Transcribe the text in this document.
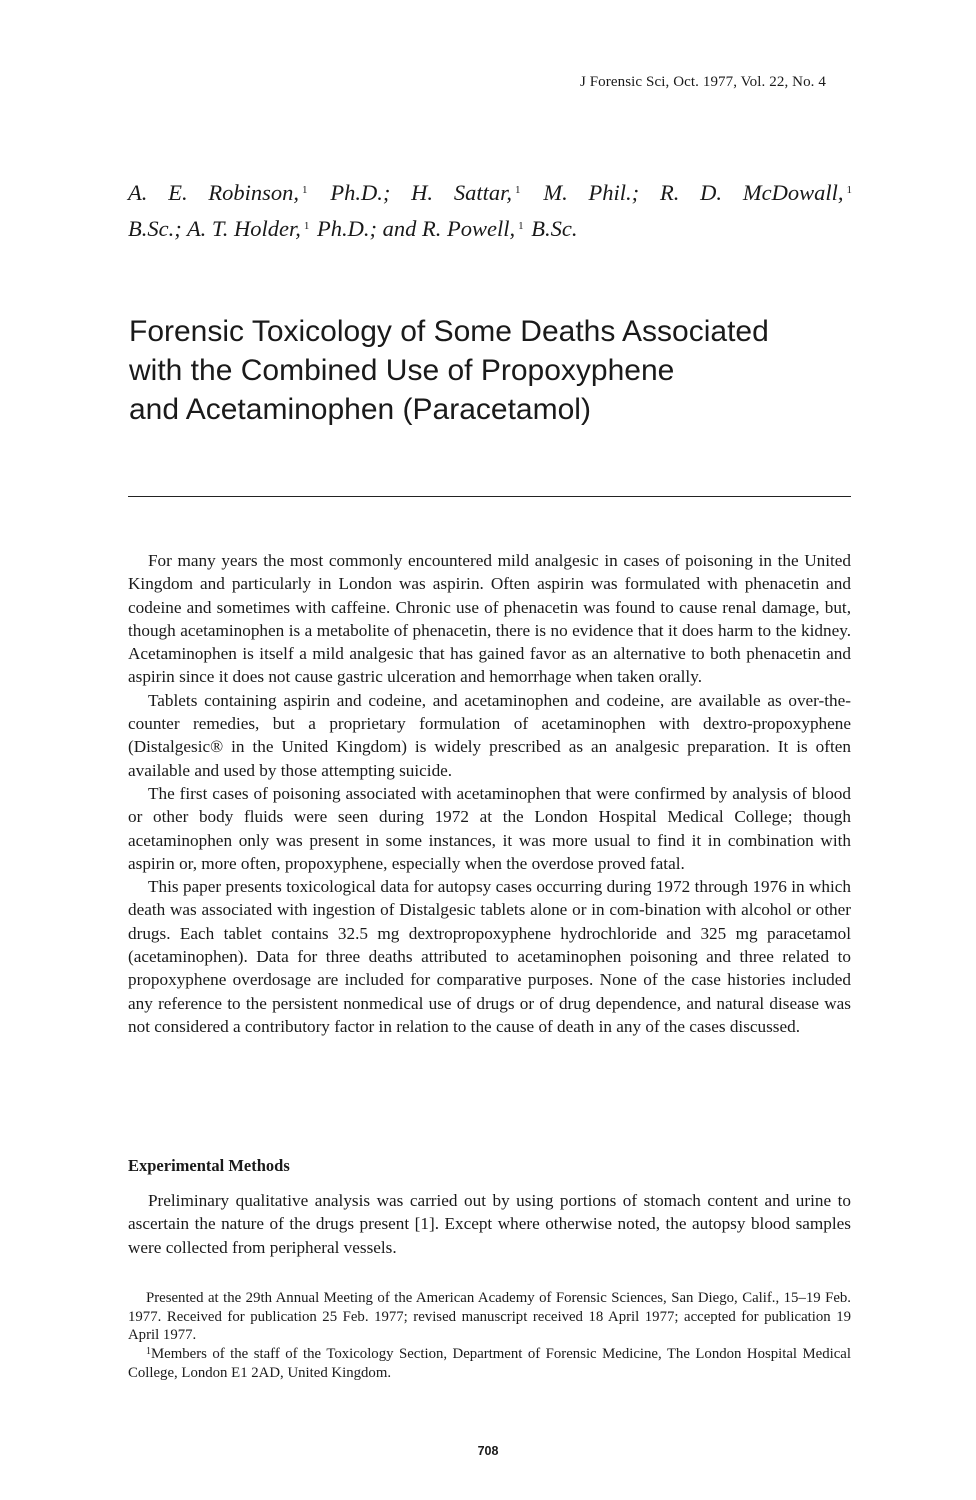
J Forensic Sci, Oct. 1977, Vol. 22, No. 4
A. E. Robinson, $^1$ Ph.D.; H. Sattar, $^1$ M. Phil.; R. D. McDowall, $^1$
B.Sc.; A. T. Holder, $^1$ Ph.D.; and R. Powell, $^1$ B.Sc.
Forensic Toxicology of Some Deaths Associated
with the Combined Use of Propoxyphene
and Acetaminophen (Paracetamol)

For many years the most commonly encountered mild analgesic in cases of poisoning in the United Kingdom and particularly in London was aspirin. Often aspirin was formulated with phenacetin and codeine and sometimes with caffeine. Chronic use of phenacetin was found to cause renal damage, but, though acetaminophen is a metabolite of phenacetin, there is no evidence that it does harm to the kidney. Acetaminophen is itself a mild analgesic that has gained favor as an alternative to both phenacetin and aspirin since it does not cause gastric ulceration and hemorrhage when taken orally.

Tablets containing aspirin and codeine, and acetaminophen and codeine, are available as over-the-counter remedies, but a proprietary formulation of acetaminophen with dextro-propoxyphene (Distalgesic® in the United Kingdom) is widely prescribed as an analgesic preparation. It is often available and used by those attempting suicide.

The first cases of poisoning associated with acetaminophen that were confirmed by analysis of blood or other body fluids were seen during 1972 at the London Hospital Medical College; though acetaminophen only was present in some instances, it was more usual to find it in combination with aspirin or, more often, propoxyphene, especially when the overdose proved fatal.

This paper presents toxicological data for autopsy cases occurring during 1972 through 1976 in which death was associated with ingestion of Distalgesic tablets alone or in com-bination with alcohol or other drugs. Each tablet contains 32.5 mg dextropropoxyphene hydrochloride and 325 mg paracetamol (acetaminophen). Data for three deaths attributed to acetaminophen poisoning and three related to propoxyphene overdosage are included for comparative purposes. None of the case histories included any reference to the persistent nonmedical use of drugs or of drug dependence, and natural disease was not considered a contributory factor in relation to the cause of death in any of the cases discussed.

Experimental Methods

Preliminary qualitative analysis was carried out by using portions of stomach content and urine to ascertain the nature of the drugs present [1]. Except where otherwise noted, the autopsy blood samples were collected from peripheral vessels.

Presented at the 29th Annual Meeting of the American Academy of Forensic Sciences, San Diego, Calif., 15–19 Feb. 1977. Received for publication 25 Feb. 1977; revised manuscript received 18 April 1977; accepted for publication 19 April 1977.

$^1$Members of the staff of the Toxicology Section, Department of Forensic Medicine, The London Hospital Medical College, London E1 2AD, United Kingdom.

708
